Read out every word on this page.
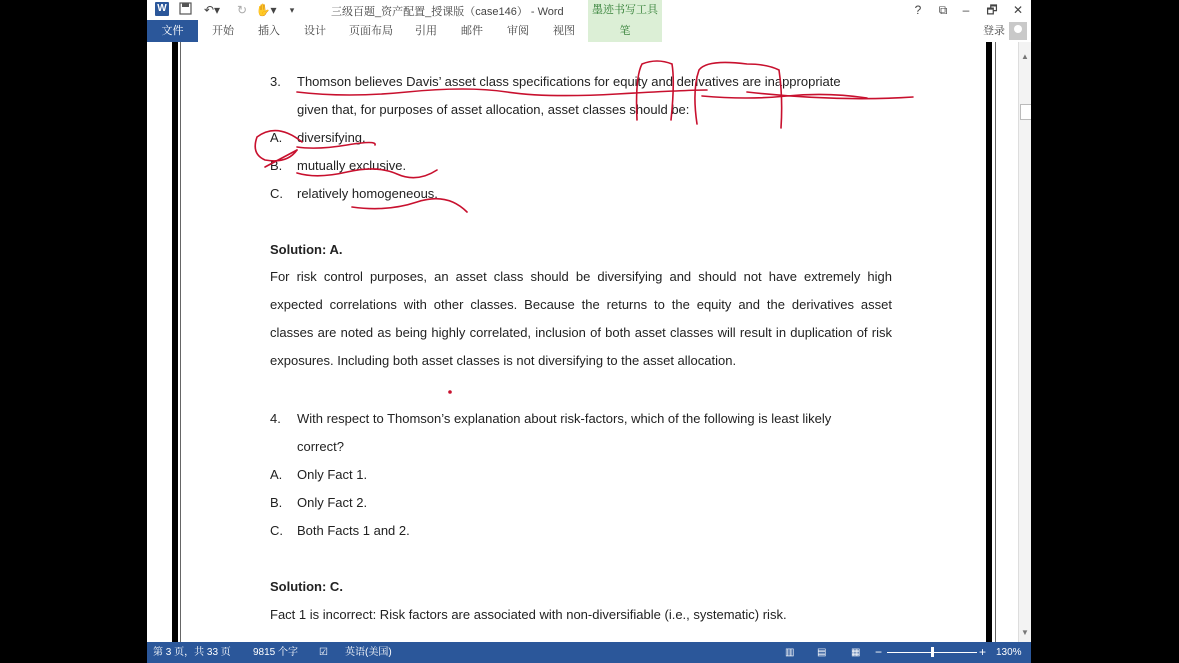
W	↶▾ ↻ ✋▾	▾	三级百题_资产配置_授课版（case146） - Word	墨迹书写工具	?	⧉	–	🗗	✕
文件	开始 插入 设计 页面布局 引用 邮件 审阅 视图	笔	登录
3. Thomson believes Davis’ asset class specifications for equity and derivatives are inappropriate
given that, for purposes of asset allocation, asset classes should be:
A. diversifying.
B. mutually exclusive.
C. relatively homogeneous.
Solution: A.
For risk control purposes, an asset class should be diversifying and should not have extremely high expected correlations with other classes. Because the returns to the equity and the derivatives asset classes are noted as being highly correlated, inclusion of both asset classes will result in duplication of risk exposures. Including both asset classes is not diversifying to the asset allocation.
4. With respect to Thomson’s explanation about risk-factors, which of the following is least likely
correct?
A. Only Fact 1.
B. Only Fact 2.
C. Both Facts 1 and 2.
Solution: C.
Fact 1 is incorrect: Risk factors are associated with non-diversifiable (i.e., systematic) risk.
▲
▼
第 3 页，共 33 页 9815 个字 ☑ 英语(美国)	▥ ▤ ▦ −	+ 130%
